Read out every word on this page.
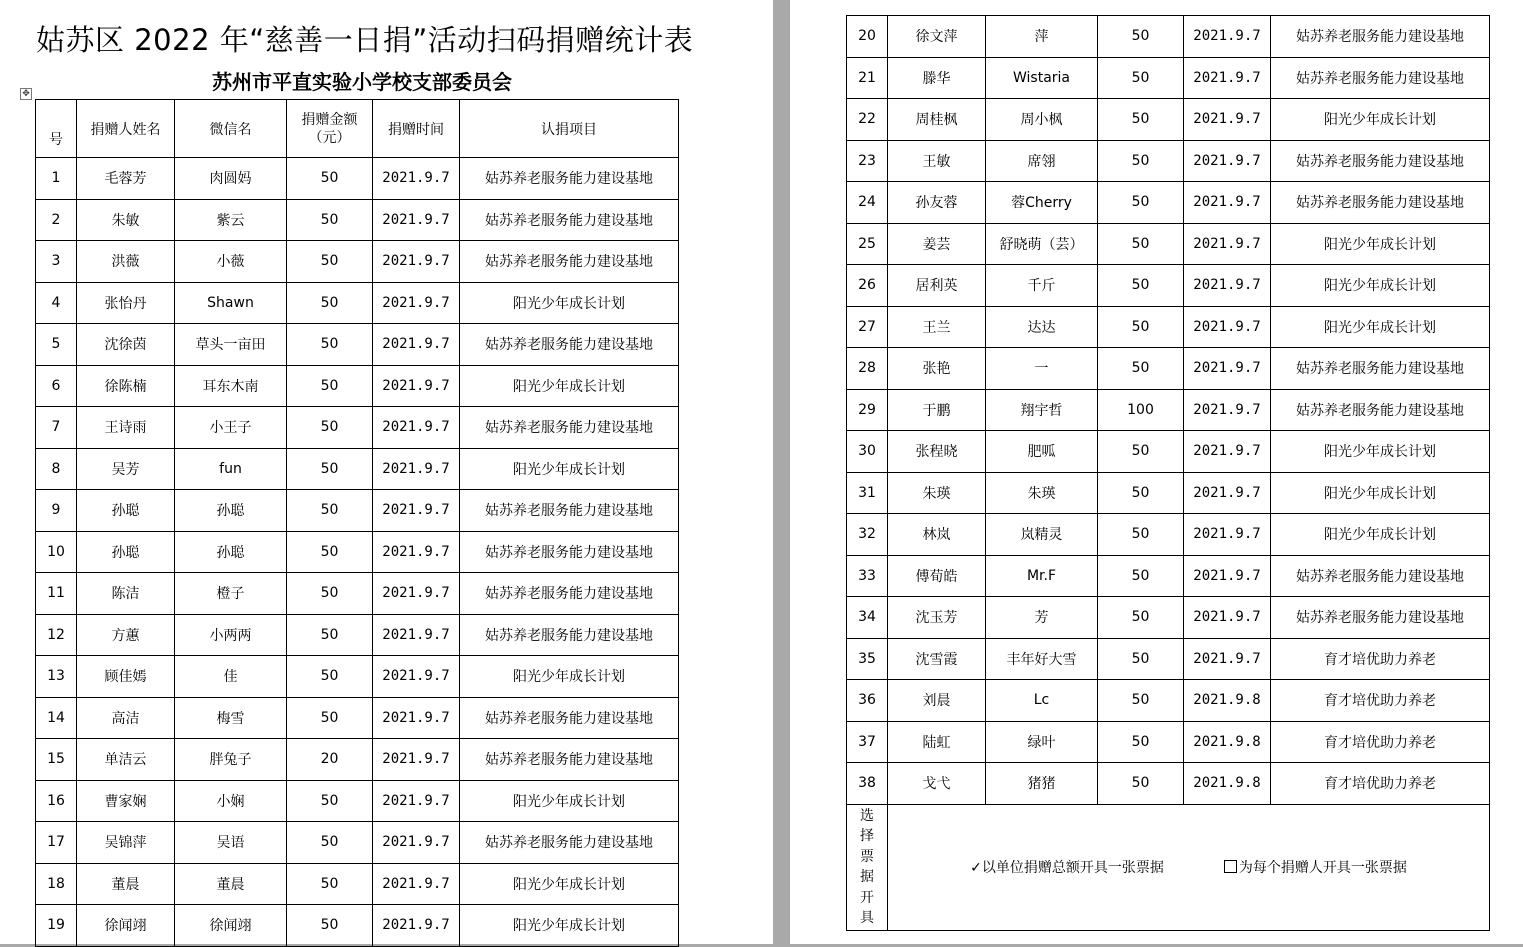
姑苏区 2022 年“慈善一日捐”活动扫码捐赠统计表
苏州市平直实验小学校支部委员会
✥
号	捐赠人姓名	微信名	捐赠金额（元）	捐赠时间	认捐项目
1	毛蓉芳	肉圆妈	50	2021.9.7	姑苏养老服务能力建设基地
2	朱敏	紫云	50	2021.9.7	姑苏养老服务能力建设基地
3	洪薇	小薇	50	2021.9.7	姑苏养老服务能力建设基地
4	张怡丹	Shawn	50	2021.9.7	阳光少年成长计划
5	沈徐茵	草头一亩田	50	2021.9.7	姑苏养老服务能力建设基地
6	徐陈楠	耳东木南	50	2021.9.7	阳光少年成长计划
7	王诗雨	小王子	50	2021.9.7	姑苏养老服务能力建设基地
8	吴芳	fun	50	2021.9.7	阳光少年成长计划
9	孙聪	孙聪	50	2021.9.7	姑苏养老服务能力建设基地
10	孙聪	孙聪	50	2021.9.7	姑苏养老服务能力建设基地
11	陈洁	橙子	50	2021.9.7	姑苏养老服务能力建设基地
12	方蕙	小两两	50	2021.9.7	姑苏养老服务能力建设基地
13	顾佳嫣	佳	50	2021.9.7	阳光少年成长计划
14	高洁	梅雪	50	2021.9.7	姑苏养老服务能力建设基地
15	单洁云	胖兔子	20	2021.9.7	姑苏养老服务能力建设基地
16	曹家娴	小娴	50	2021.9.7	阳光少年成长计划
17	吴锦萍	吴语	50	2021.9.7	姑苏养老服务能力建设基地
18	董晨	董晨	50	2021.9.7	阳光少年成长计划
19	徐闻翊	徐闻翊	50	2021.9.7	阳光少年成长计划
20	徐文萍	萍	50	2021.9.7	姑苏养老服务能力建设基地
21	滕华	Wistaria	50	2021.9.7	姑苏养老服务能力建设基地
22	周桂枫	周小枫	50	2021.9.7	阳光少年成长计划
23	王敏	席翎	50	2021.9.7	姑苏养老服务能力建设基地
24	孙友蓉	蓉Cherry	50	2021.9.7	姑苏养老服务能力建设基地
25	姜芸	舒晓萌（芸）	50	2021.9.7	阳光少年成长计划
26	居利英	千斤	50	2021.9.7	阳光少年成长计划
27	王兰	达达	50	2021.9.7	阳光少年成长计划
28	张艳	一	50	2021.9.7	姑苏养老服务能力建设基地
29	于鹏	翔宇哲	100	2021.9.7	姑苏养老服务能力建设基地
30	张程晓	肥呱	50	2021.9.7	阳光少年成长计划
31	朱瑛	朱瑛	50	2021.9.7	阳光少年成长计划
32	林岚	岚精灵	50	2021.9.7	阳光少年成长计划
33	傅荀皓	Mr.F	50	2021.9.7	姑苏养老服务能力建设基地
34	沈玉芳	芳	50	2021.9.7	姑苏养老服务能力建设基地
35	沈雪霞	丰年好大雪	50	2021.9.7	育才培优助力养老
36	刘晨	Lc	50	2021.9.8	育才培优助力养老
37	陆虹	绿叶	50	2021.9.8	育才培优助力养老
38	戈弋	猪猪	50	2021.9.8	育才培优助力养老

选择票据开具	✓以单位捐赠总额开具一张票据 为每个捐赠人开具一张票据				
